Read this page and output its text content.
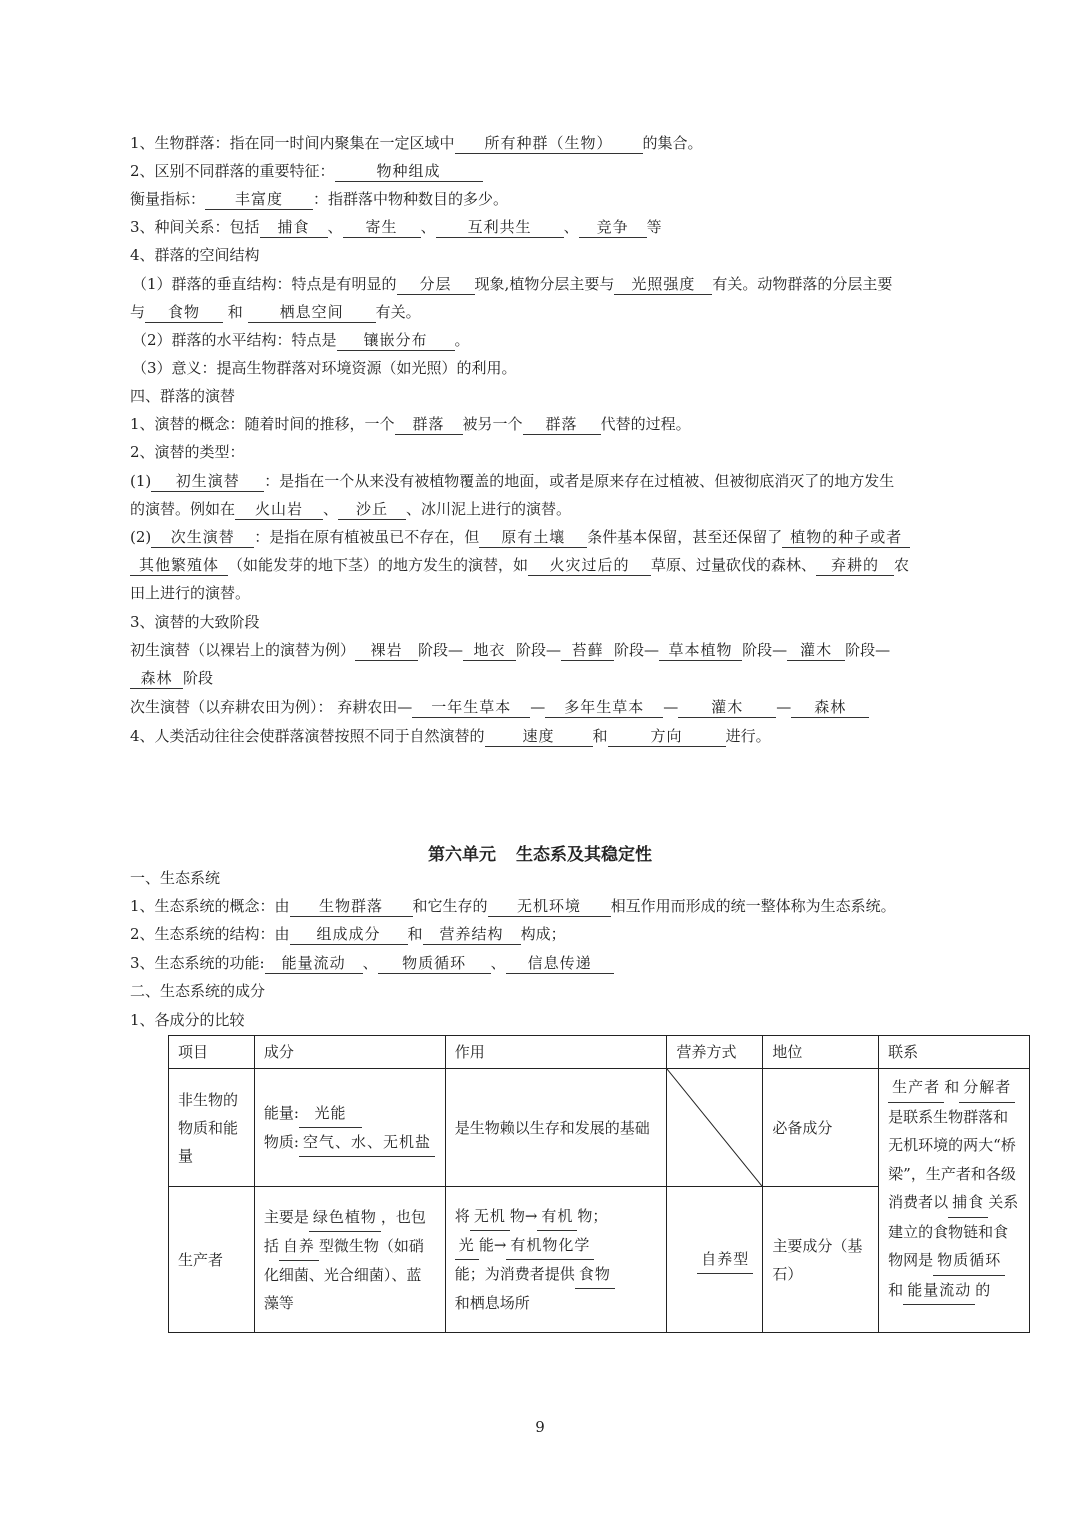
1、生物群落：指在同一时间内聚集在一定区域中 所有种群（生物） 的集合。
2、区别不同群落的重要特征：	物种组成
衡量指标： 丰富度 ：指群落中物种数目的多少。
3、种间关系：包括 捕食 、 寄生 、 互利共生 、 竞争 等
4、群落的空间结构
（1）群落的垂直结构：特点是有明显的 分层 现象,植物分层主要与 光照强度 有关。动物群落的分层主要
与 食物 和 栖息空间 有关。
（2）群落的水平结构：特点是 镶嵌分布 。
（3）意义：提高生物群落对环境资源（如光照）的利用。
四、群落的演替
1、演替的概念：随着时间的推移，一个 群落 被另一个 群落 代替的过程。
2、演替的类型：
(1) 初生演替 ：是指在一个从来没有被植物覆盖的地面，或者是原来存在过植被、但被彻底消灭了的地方发生
的演替。例如在 火山岩 、 沙丘 、冰川泥上进行的演替。
(2) 次生演替 ：是指在原有植被虽已不存在，但 原有土壤 条件基本保留，甚至还保留了 植物的种子或者
其他繁殖体 （如能发芽的地下茎）的地方发生的演替，如 火灾过后的 草原、过量砍伐的森林、 弃耕的 农
田上进行的演替。
3、演替的大致阶段
初生演替（以裸岩上的演替为例） 裸岩 阶段— 地衣 阶段— 苔藓 阶段— 草本植物 阶段— 灌木 阶段—
森林 阶段
次生演替（以弃耕农田为例）： 弃耕农田— 一年生草本 — 多年生草本 — 灌木 — 森林
4、人类活动往往会使群落演替按照不同于自然演替的	速度	和	方向	进行。
第六单元 生态系及其稳定性
一、生态系统
1、生态系统的概念：由 生物群落 和它生存的 无机环境 相互作用而形成的统一整体称为生态系统。
2、生态系统的结构：由 组成成分 和 营养结构 构成；
3、生态系统的功能: 能量流动 、 物质循环 、 信息传递
二、生态系统的成分
1、各成分的比较
项目	成分	作用	营养方式	地位	联系
非生物的物质和能量	能量: 光能
物质: 空气、水、无机盐	是生物赖以生存和发展的基础		必备成分	生产者 和 分解者是联系生物群落和无机环境的两大“桥梁”，生产者和各级消费者以 捕食 关系建立的食物链和食物网是 物质循环和 能量流动 的
生产者	主要是 绿色植物 ，也包括 自养 型微生物（如硝化细菌、光合细菌）、蓝藻等	将 无机 物→ 有机 物；
光 能→ 有机物化学
能；为消费者提供 食物
和栖息场所	自养型	主要成分（基石）	
9
